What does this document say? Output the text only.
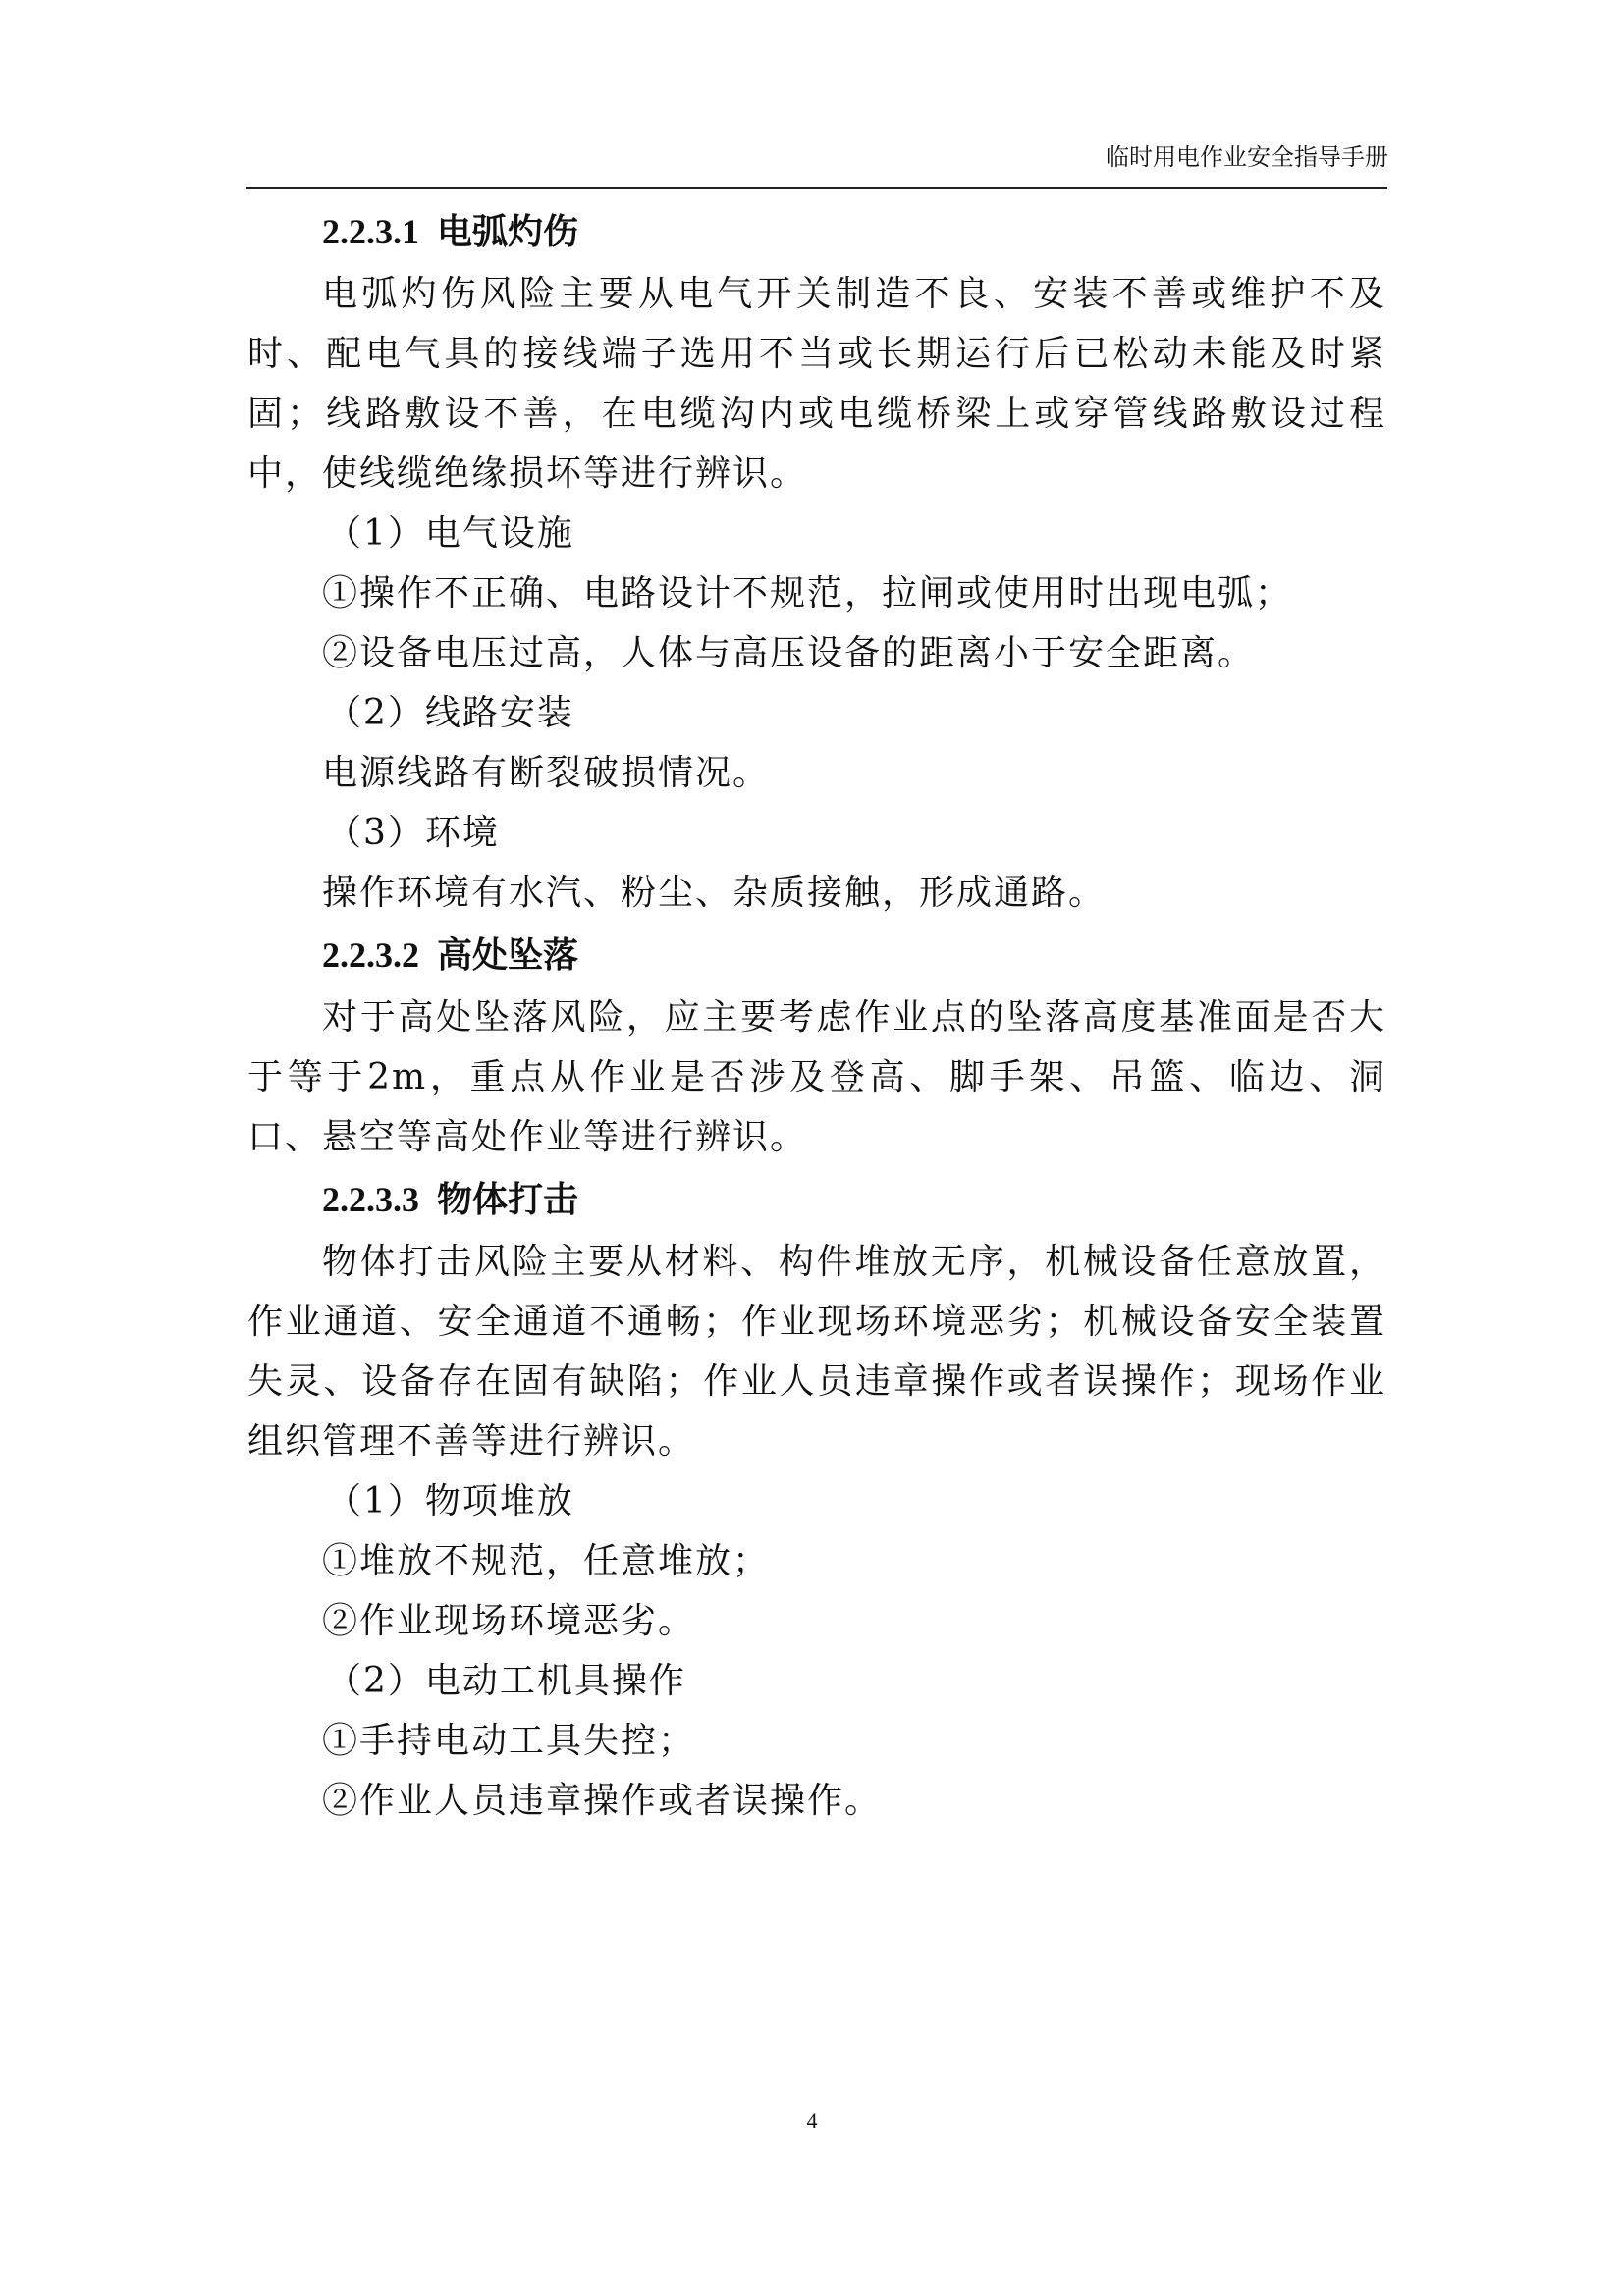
临时用电作业安全指导手册
2.2.3.1 电弧灼伤
电弧灼伤风险主要从电气开关制造不良、安装不善或维护不及时、配电气具的接线端子选用不当或长期运行后已松动未能及时紧固；线路敷设不善，在电缆沟内或电缆桥梁上或穿管线路敷设过程中，使线缆绝缘损坏等进行辨识。
（1）电气设施
①操作不正确、电路设计不规范，拉闸或使用时出现电弧；
②设备电压过高，人体与高压设备的距离小于安全距离。
（2）线路安装
电源线路有断裂破损情况。
（3）环境
操作环境有水汽、粉尘、杂质接触，形成通路。
2.2.3.2 高处坠落
对于高处坠落风险，应主要考虑作业点的坠落高度基准面是否大于等于2m，重点从作业是否涉及登高、脚手架、吊篮、临边、洞口、悬空等高处作业等进行辨识。
2.2.3.3 物体打击
物体打击风险主要从材料、构件堆放无序，机械设备任意放置，作业通道、安全通道不通畅；作业现场环境恶劣；机械设备安全装置失灵、设备存在固有缺陷；作业人员违章操作或者误操作；现场作业组织管理不善等进行辨识。
（1）物项堆放
①堆放不规范，任意堆放；
②作业现场环境恶劣。
（2）电动工机具操作
①手持电动工具失控；
②作业人员违章操作或者误操作。
4
